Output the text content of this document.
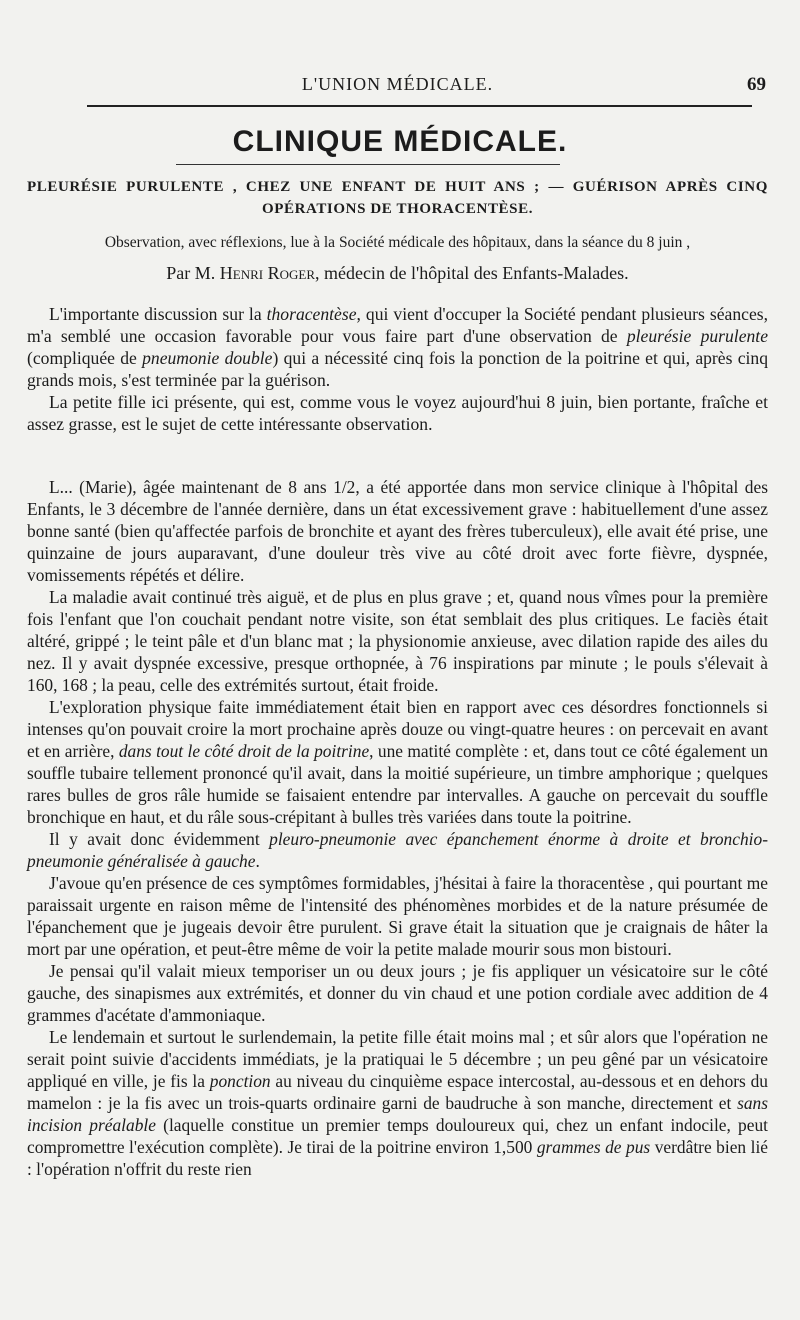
L'UNION MÉDICALE.	69
CLINIQUE MÉDICALE.
PLEURÉSIE PURULENTE , CHEZ UNE ENFANT DE HUIT ANS ; — GUÉRISON APRÈS CINQ OPÉRATIONS DE THORACENTÈSE.
Observation, avec réflexions, lue à la Société médicale des hôpitaux, dans la séance du 8 juin ,
Par M. Henri Roger, médecin de l'hôpital des Enfants-Malades.

L'importante discussion sur la thoracentèse, qui vient d'occuper la Société pendant plusieurs séances, m'a semblé une occasion favorable pour vous faire part d'une observation de pleurésie purulente (compliquée de pneumonie double) qui a nécessité cinq fois la ponction de la poitrine et qui, après cinq grands mois, s'est terminée par la guérison.

La petite fille ici présente, qui est, comme vous le voyez aujourd'hui 8 juin, bien portante, fraîche et assez grasse, est le sujet de cette intéressante observation.

L... (Marie), âgée maintenant de 8 ans 1/2, a été apportée dans mon service clinique à l'hôpital des Enfants, le 3 décembre de l'année dernière, dans un état excessivement grave : habituellement d'une assez bonne santé (bien qu'affectée parfois de bronchite et ayant des frères tuberculeux), elle avait été prise, une quinzaine de jours auparavant, d'une douleur très vive au côté droit avec forte fièvre, dyspnée, vomissements répétés et délire.

La maladie avait continué très aiguë, et de plus en plus grave ; et, quand nous vîmes pour la première fois l'enfant que l'on couchait pendant notre visite, son état semblait des plus critiques. Le faciès était altéré, grippé ; le teint pâle et d'un blanc mat ; la physionomie anxieuse, avec dilation rapide des ailes du nez. Il y avait dyspnée excessive, presque orthopnée, à 76 inspirations par minute ; le pouls s'élevait à 160, 168 ; la peau, celle des extrémités surtout, était froide.

L'exploration physique faite immédiatement était bien en rapport avec ces désordres fonctionnels si intenses qu'on pouvait croire la mort prochaine après douze ou vingt-quatre heures : on percevait en avant et en arrière, dans tout le côté droit de la poitrine, une matité complète : et, dans tout ce côté également un souffle tubaire tellement prononcé qu'il avait, dans la moitié supérieure, un timbre amphorique ; quelques rares bulles de gros râle humide se faisaient entendre par intervalles. A gauche on percevait du souffle bronchique en haut, et du râle sous-crépitant à bulles très variées dans toute la poitrine.

Il y avait donc évidemment pleuro-pneumonie avec épanchement énorme à droite et bronchio-pneumonie généralisée à gauche.

J'avoue qu'en présence de ces symptômes formidables, j'hésitai à faire la thoracentèse , qui pourtant me paraissait urgente en raison même de l'intensité des phénomènes morbides et de la nature présumée de l'épanchement que je jugeais devoir être purulent. Si grave était la situation que je craignais de hâter la mort par une opération, et peut-être même de voir la petite malade mourir sous mon bistouri.

Je pensai qu'il valait mieux temporiser un ou deux jours ; je fis appliquer un vésicatoire sur le côté gauche, des sinapismes aux extrémités, et donner du vin chaud et une potion cordiale avec addition de 4 grammes d'acétate d'ammoniaque.

Le lendemain et surtout le surlendemain, la petite fille était moins mal ; et sûr alors que l'opération ne serait point suivie d'accidents immédiats, je la pratiquai le 5 décembre ; un peu gêné par un vésicatoire appliqué en ville, je fis la ponction au niveau du cinquième espace intercostal, au-dessous et en dehors du mamelon : je la fis avec un trois-quarts ordinaire garni de baudruche à son manche, directement et sans incision préalable (laquelle constitue un premier temps douloureux qui, chez un enfant indocile, peut compromettre l'exécution complète). Je tirai de la poitrine environ 1,500 grammes de pus verdâtre bien lié : l'opération n'offrit du reste rien
